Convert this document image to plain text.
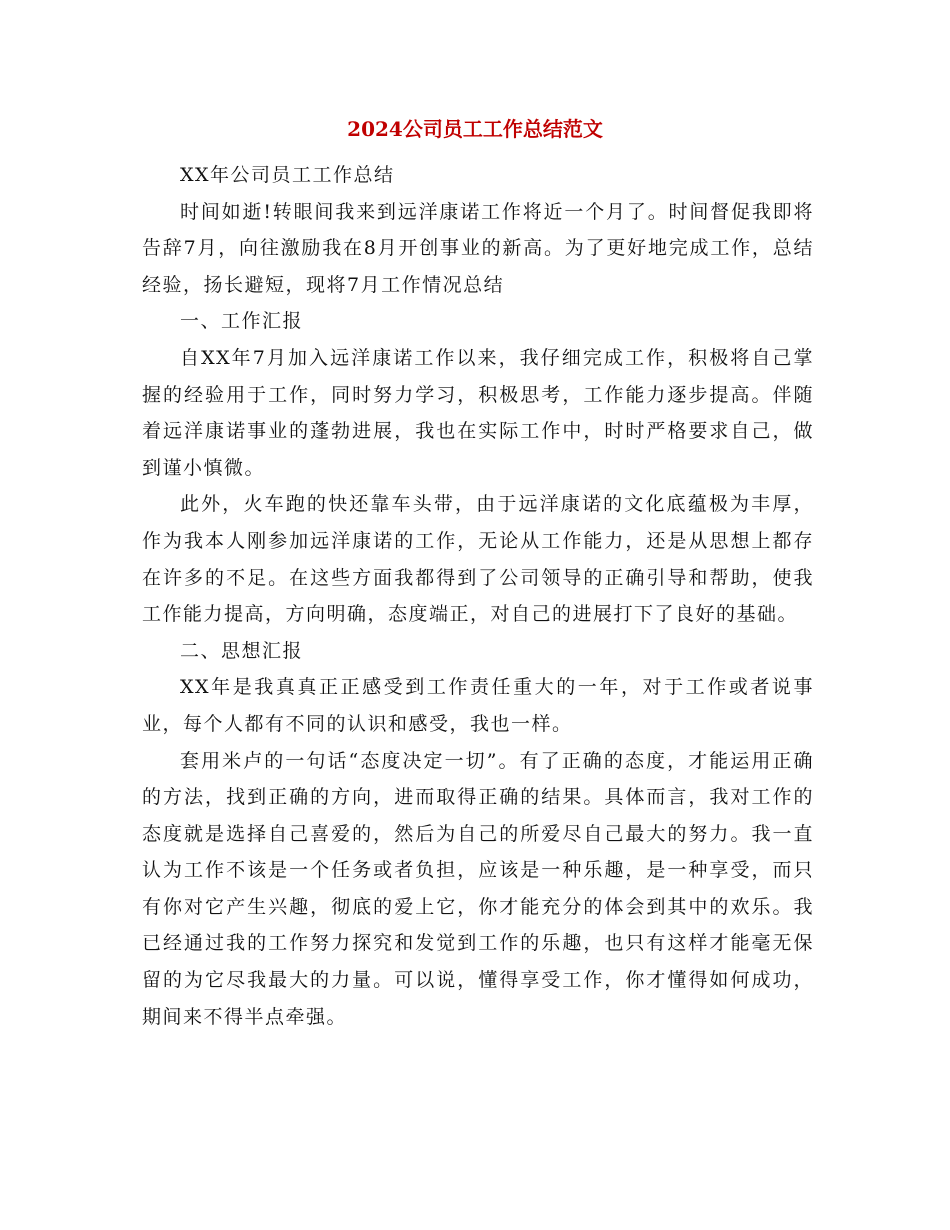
2024公司员工工作总结范文

XX年公司员工工作总结

时间如逝!转眼间我来到远洋康诺工作将近一个月了。时间督促我即将告辞7月，向往激励我在8月开创事业的新高。为了更好地完成工作，总结经验，扬长避短，现将7月工作情况总结

一、工作汇报

自XX年7月加入远洋康诺工作以来，我仔细完成工作，积极将自己掌握的经验用于工作，同时努力学习，积极思考，工作能力逐步提高。伴随着远洋康诺事业的蓬勃进展，我也在实际工作中，时时严格要求自己，做到谨小慎微。

此外，火车跑的快还靠车头带，由于远洋康诺的文化底蕴极为丰厚，作为我本人刚参加远洋康诺的工作，无论从工作能力，还是从思想上都存在许多的不足。在这些方面我都得到了公司领导的正确引导和帮助，使我工作能力提高，方向明确，态度端正，对自己的进展打下了良好的基础。

二、思想汇报

XX年是我真真正正感受到工作责任重大的一年，对于工作或者说事业，每个人都有不同的认识和感受，我也一样。

套用米卢的一句话“态度决定一切”。有了正确的态度，才能运用正确的方法，找到正确的方向，进而取得正确的结果。具体而言，我对工作的态度就是选择自己喜爱的，然后为自己的所爱尽自己最大的努力。我一直认为工作不该是一个任务或者负担，应该是一种乐趣，是一种享受，而只有你对它产生兴趣，彻底的爱上它，你才能充分的体会到其中的欢乐。我已经通过我的工作努力探究和发觉到工作的乐趣，也只有这样才能毫无保留的为它尽我最大的力量。可以说，懂得享受工作，你才懂得如何成功，期间来不得半点牵强。
